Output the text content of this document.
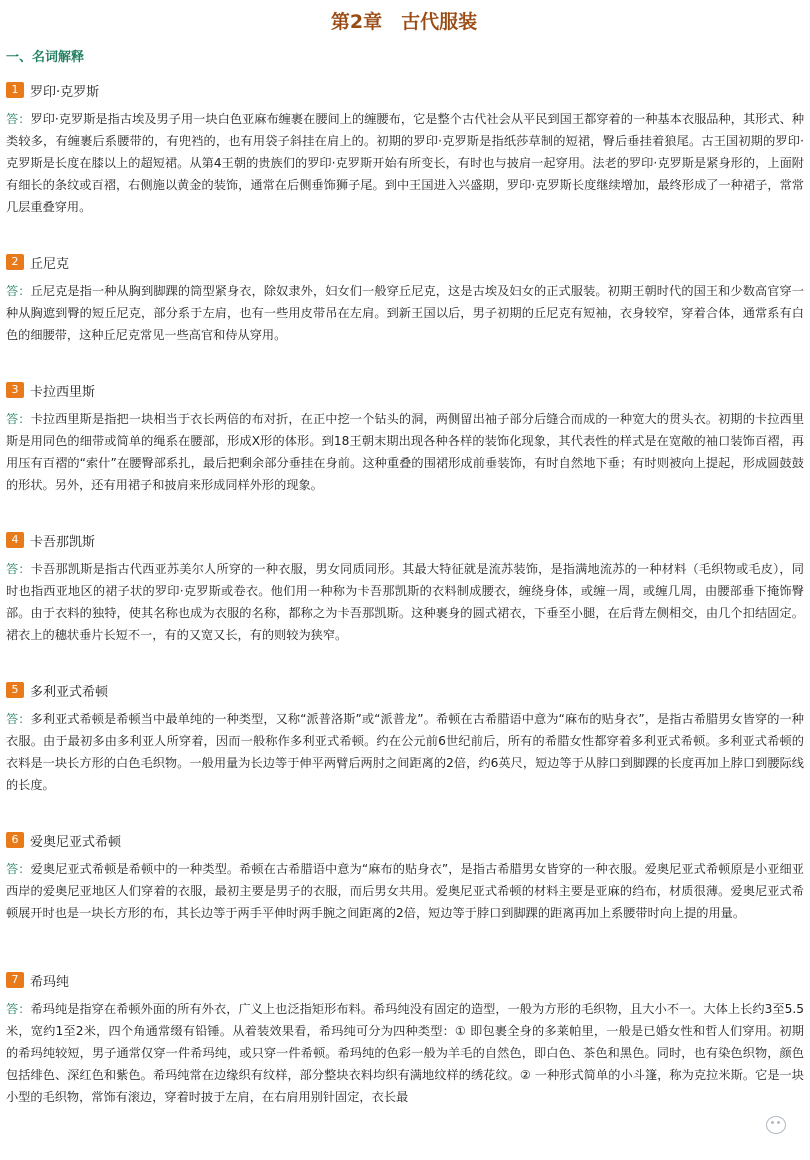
第2章　古代服装
一、名词解释
1 罗印·克罗斯
答：罗印·克罗斯是指古埃及男子用一块白色亚麻布缠裹在腰间上的缠腰布，它是整个古代社会从平民到国王都穿着的一种基本衣服品种，其形式、种类较多，有缠裹后系腰带的，有兜裆的，也有用袋子斜挂在肩上的。初期的罗印·克罗斯是指纸莎草制的短裙，臀后垂挂着狼尾。古王国初期的罗印·克罗斯是长度在膝以上的超短裙。从第4王朝的贵族们的罗印·克罗斯开始有所变长，有时也与披肩一起穿用。法老的罗印·克罗斯是紧身形的，上面附有细长的条纹或百褶，右侧施以黄金的装饰，通常在后侧垂饰狮子尾。到中王国进入兴盛期，罗印·克罗斯长度继续增加，最终形成了一种裙子，常常几层重叠穿用。
2 丘尼克
答：丘尼克是指一种从胸到脚踝的筒型紧身衣，除奴隶外，妇女们一般穿丘尼克，这是古埃及妇女的正式服装。初期王朝时代的国王和少数高官穿一种从胸遮到臀的短丘尼克，部分系于左肩，也有一些用皮带吊在左肩。到新王国以后，男子初期的丘尼克有短袖，衣身较窄，穿着合体，通常系有白色的细腰带，这种丘尼克常见一些高官和侍从穿用。
3 卡拉西里斯
答：卡拉西里斯是指把一块相当于衣长两倍的布对折，在正中挖一个钻头的洞，两侧留出袖子部分后缝合而成的一种宽大的贯头衣。初期的卡拉西里斯是用同色的细带或简单的绳系在腰部，形成X形的体形。到18王朝末期出现各种各样的装饰化现象，其代表性的样式是在宽敞的袖口装饰百褶，再用压有百褶的“索什”在腰臀部系扎，最后把剩余部分垂挂在身前。这种重叠的围裙形成前垂装饰，有时自然地下垂；有时则被向上提起，形成圆鼓鼓的形状。另外，还有用裙子和披肩来形成同样外形的现象。
4 卡吾那凯斯
答：卡吾那凯斯是指古代西亚苏美尔人所穿的一种衣服，男女同质同形。其最大特征就是流苏装饰，是指满地流苏的一种材料（毛织物或毛皮），同时也指西亚地区的裙子状的罗印·克罗斯或卷衣。他们用一种称为卡吾那凯斯的衣料制成腰衣，缠绕身体，或缠一周，或缠几周，由腰部垂下掩饰臀部。由于衣料的独特，使其名称也成为衣服的名称，都称之为卡吾那凯斯。这种裹身的圆式裙衣，下垂至小腿，在后背左侧相交，由几个扣结固定。裙衣上的穗状垂片长短不一，有的又宽又长，有的则较为狭窄。
5 多利亚式希顿
答：多利亚式希顿是希顿当中最单纯的一种类型，又称“派普洛斯”或“派普龙”。希顿在古希腊语中意为“麻布的贴身衣”，是指古希腊男女皆穿的一种衣服。由于最初多由多利亚人所穿着，因而一般称作多利亚式希顿。约在公元前6世纪前后，所有的希腊女性都穿着多利亚式希顿。多利亚式希顿的衣料是一块长方形的白色毛织物。一般用量为长边等于伸平两臂后两肘之间距离的2倍，约6英尺，短边等于从脖口到脚踝的长度再加上脖口到腰际线的长度。
6 爱奥尼亚式希顿
答：爱奥尼亚式希顿是希顿中的一种类型。希顿在古希腊语中意为“麻布的贴身衣”，是指古希腊男女皆穿的一种衣服。爱奥尼亚式希顿原是小亚细亚西岸的爱奥尼亚地区人们穿着的衣服，最初主要是男子的衣服，而后男女共用。爱奥尼亚式希顿的材料主要是亚麻的绉布，材质很薄。爱奥尼亚式希顿展开时也是一块长方形的布，其长边等于两手平伸时两手腕之间距离的2倍，短边等于脖口到脚踝的距离再加上系腰带时向上提的用量。
7 希玛纯
答：希玛纯是指穿在希顿外面的所有外衣，广义上也泛指矩形布料。希玛纯没有固定的造型，一般为方形的毛织物，且大小不一。大体上长约3至5.5米，宽约1至2米，四个角通常缀有铅锤。从着装效果看，希玛纯可分为四种类型：① 即包裹全身的多莱帕里，一般是已婚女性和哲人们穿用。初期的希玛纯较短，男子通常仅穿一件希玛纯，或只穿一件希顿。希玛纯的色彩一般为羊毛的自然色，即白色、茶色和黑色。同时，也有染色织物，颜色包括绯色、深红色和紫色。希玛纯常在边缘织有纹样，部分整块衣料均织有满地纹样的绣花纹。② 一种形式简单的小斗篷，称为克拉米斯。它是一块小型的毛织物，常饰有滚边，穿着时披于左肩，在右肩用别针固定，衣长最
